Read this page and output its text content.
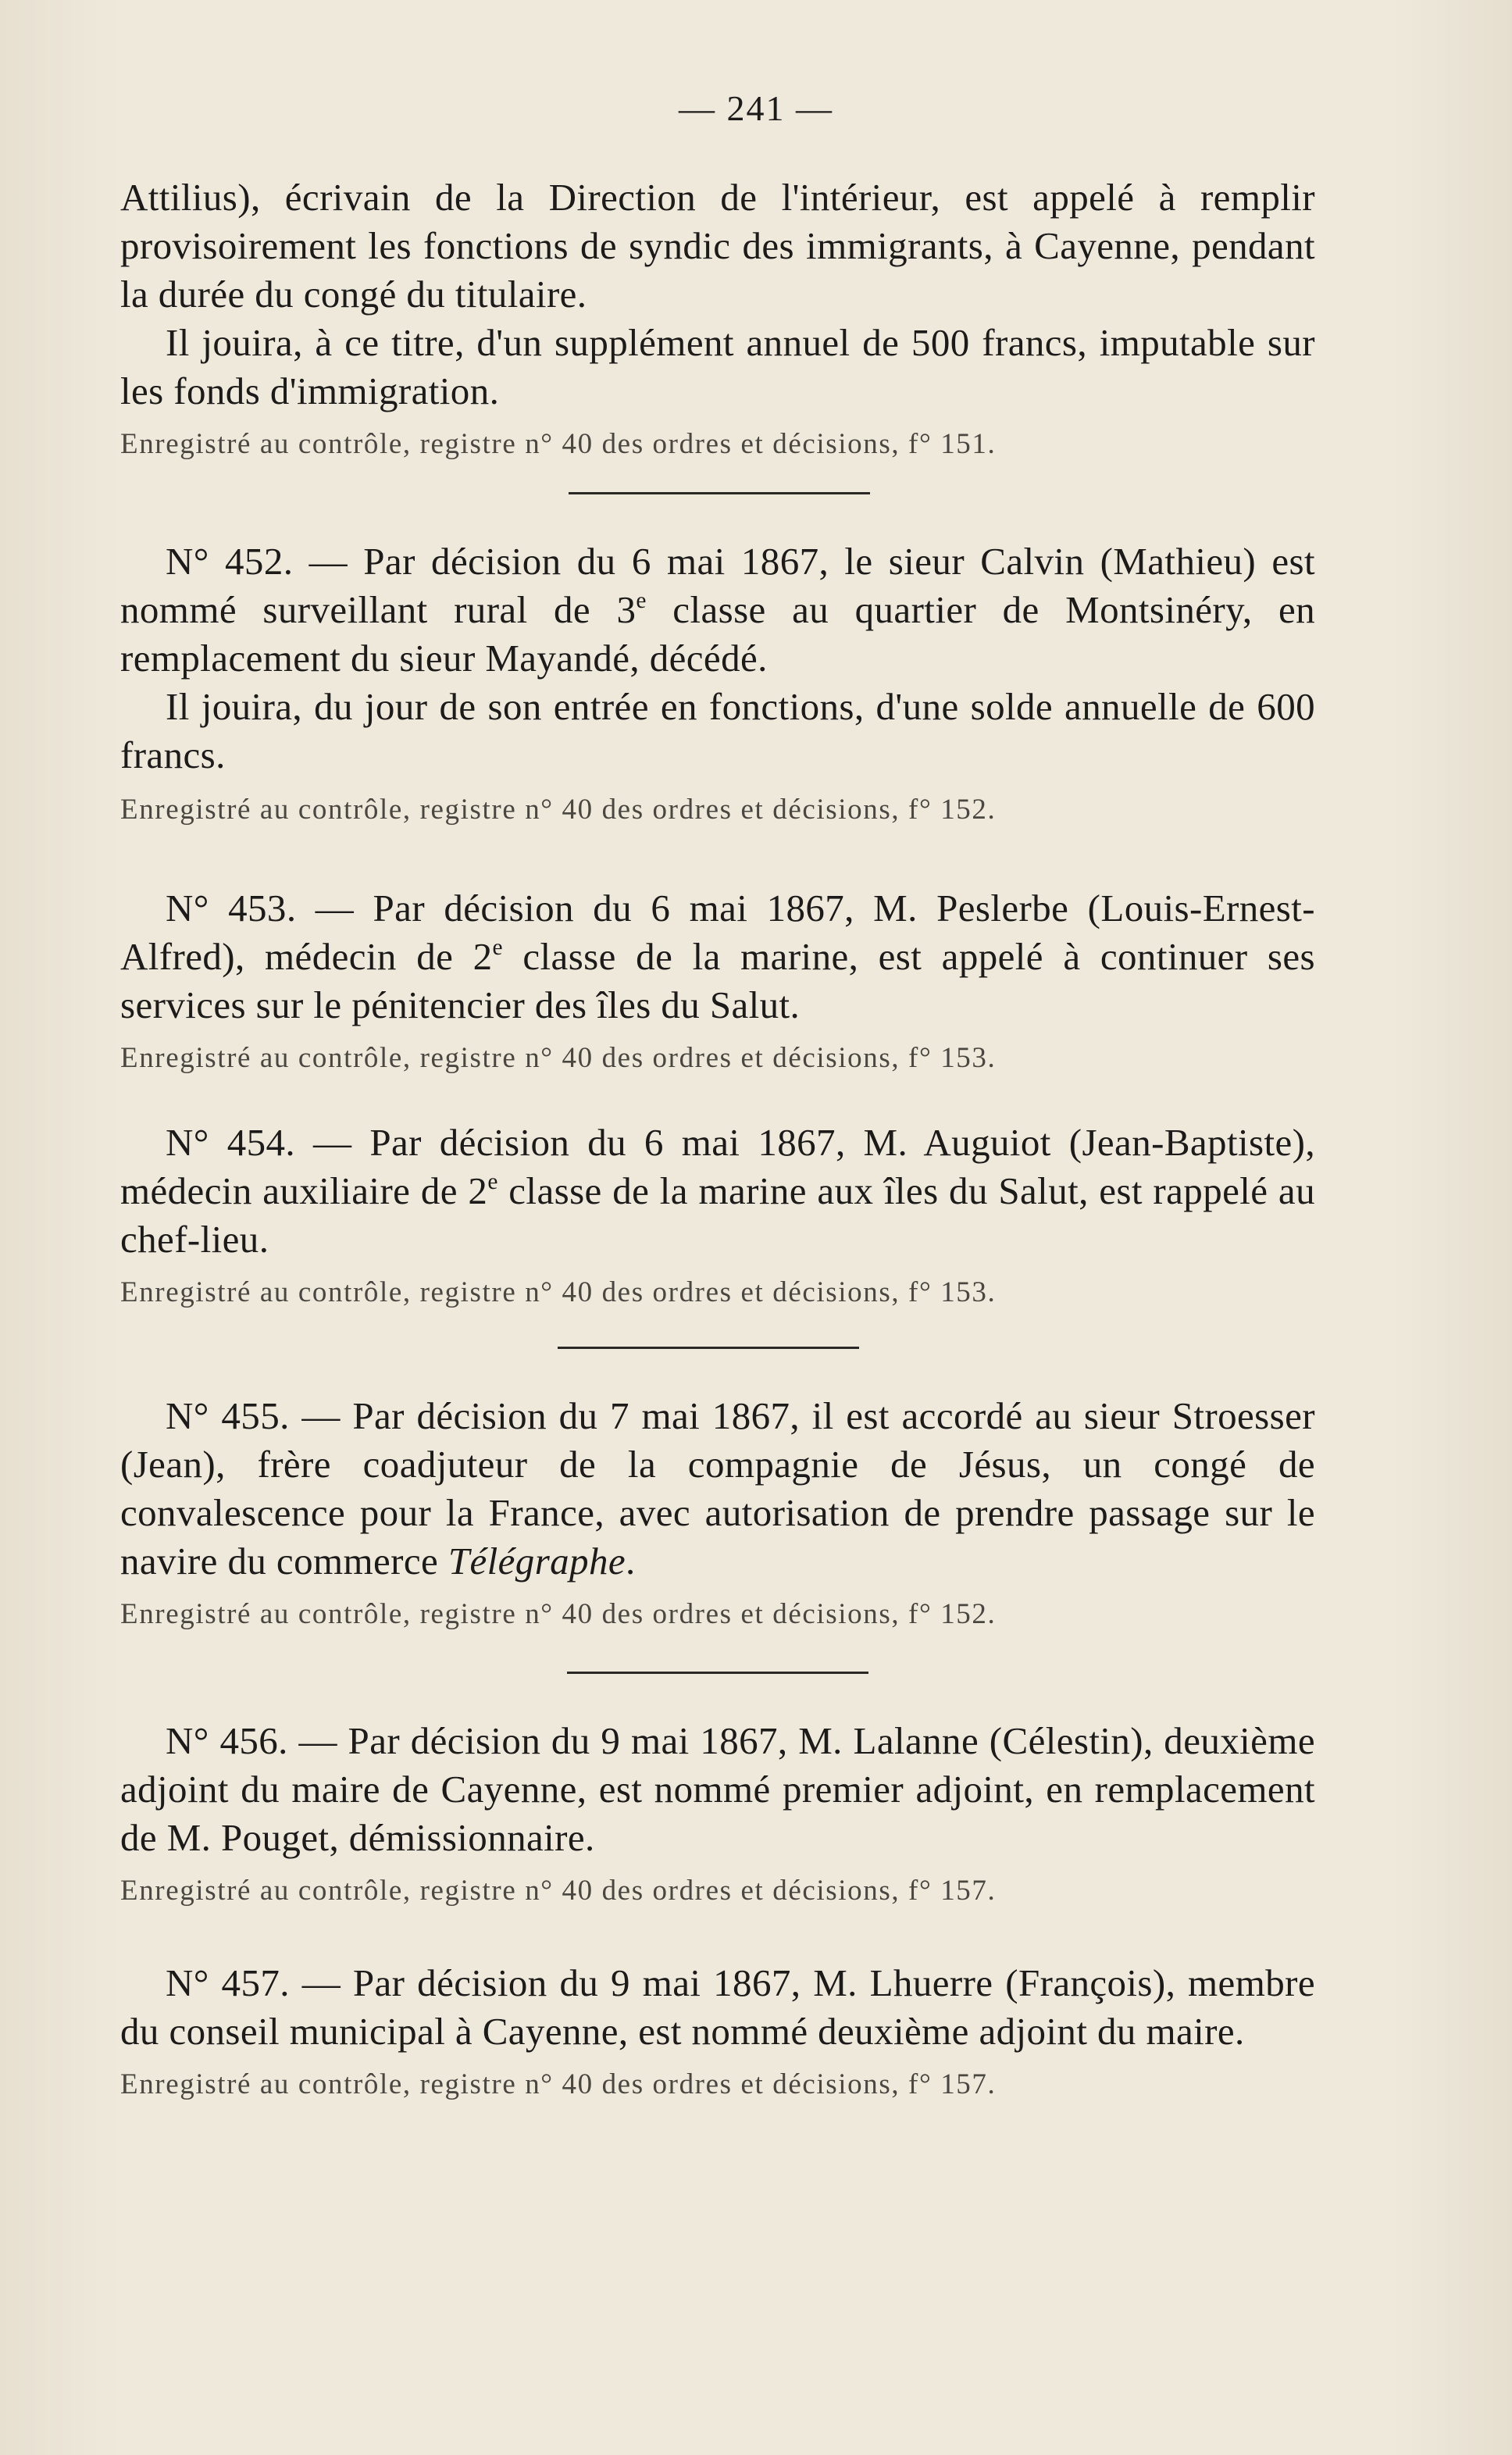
— 241 —

Attilius), écrivain de la Direction de l'intérieur, est appelé à remplir provisoirement les fonctions de syndic des immigrants, à Cayenne, pendant la durée du congé du titulaire.

Il jouira, à ce titre, d'un supplément annuel de 500 francs, imputable sur les fonds d'immigration.

Enregistré au contrôle, registre n° 40 des ordres et décisions, f° 151.

N° 452. — Par décision du 6 mai 1867, le sieur Calvin (Mathieu) est nommé surveillant rural de 3e classe au quartier de Montsinéry, en remplacement du sieur Mayandé, décédé.

Il jouira, du jour de son entrée en fonctions, d'une solde annuelle de 600 francs.

Enregistré au contrôle, registre n° 40 des ordres et décisions, f° 152.

N° 453. — Par décision du 6 mai 1867, M. Peslerbe (Louis-Ernest-Alfred), médecin de 2e classe de la marine, est appelé à continuer ses services sur le pénitencier des îles du Salut.

Enregistré au contrôle, registre n° 40 des ordres et décisions, f° 153.

N° 454. — Par décision du 6 mai 1867, M. Auguiot (Jean-Baptiste), médecin auxiliaire de 2e classe de la marine aux îles du Salut, est rappelé au chef-lieu.

Enregistré au contrôle, registre n° 40 des ordres et décisions, f° 153.

N° 455. — Par décision du 7 mai 1867, il est accordé au sieur Stroesser (Jean), frère coadjuteur de la compagnie de Jésus, un congé de convalescence pour la France, avec autorisation de prendre passage sur le navire du commerce Télégraphe.

Enregistré au contrôle, registre n° 40 des ordres et décisions, f° 152.

N° 456. — Par décision du 9 mai 1867, M. Lalanne (Célestin), deuxième adjoint du maire de Cayenne, est nommé premier adjoint, en remplacement de M. Pouget, démissionnaire.

Enregistré au contrôle, registre n° 40 des ordres et décisions, f° 157.

N° 457. — Par décision du 9 mai 1867, M. Lhuerre (François), membre du conseil municipal à Cayenne, est nommé deuxième adjoint du maire.

Enregistré au contrôle, registre n° 40 des ordres et décisions, f° 157.
